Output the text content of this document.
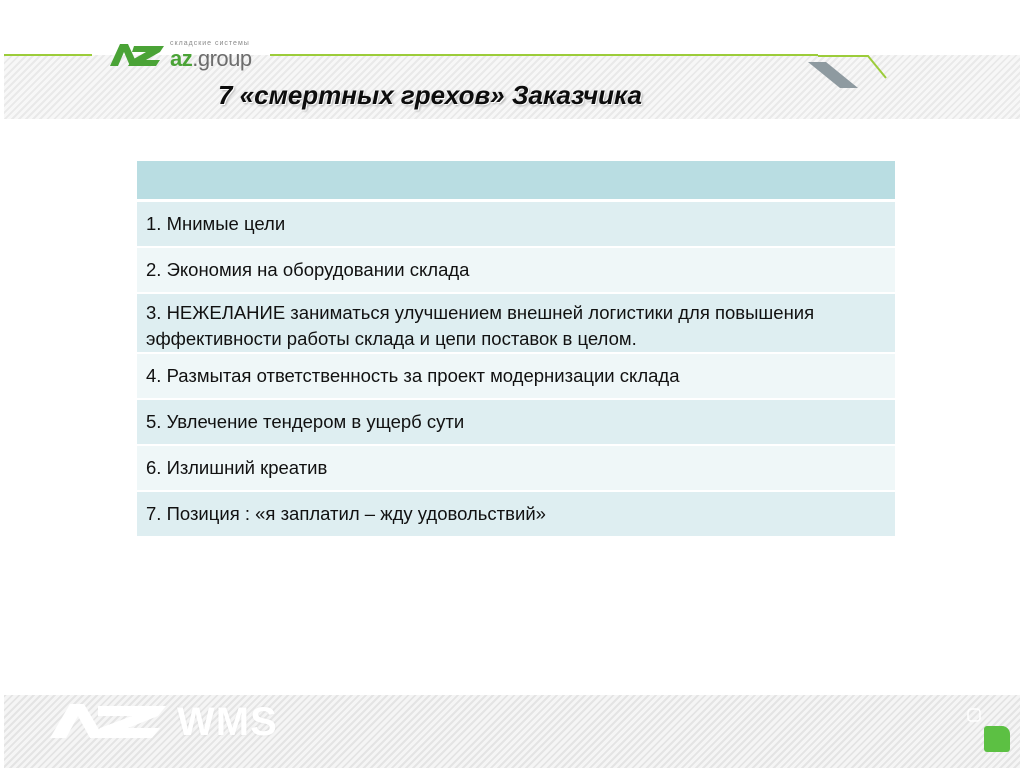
складские системы
az.group
7 «смертных грехов» Заказчика
1. Мнимые цели
2. Экономия на оборудовании склада
3. НЕЖЕЛАНИЕ заниматься улучшением внешней логистики для повышения эффективности работы склада и цепи поставок в целом.
4. Размытая ответственность за проект модернизации склада
5. Увлечение тендером в ущерб сути
6. Излишний креатив
7. Позиция : «я заплатил – жду удовольствий»
WMS
